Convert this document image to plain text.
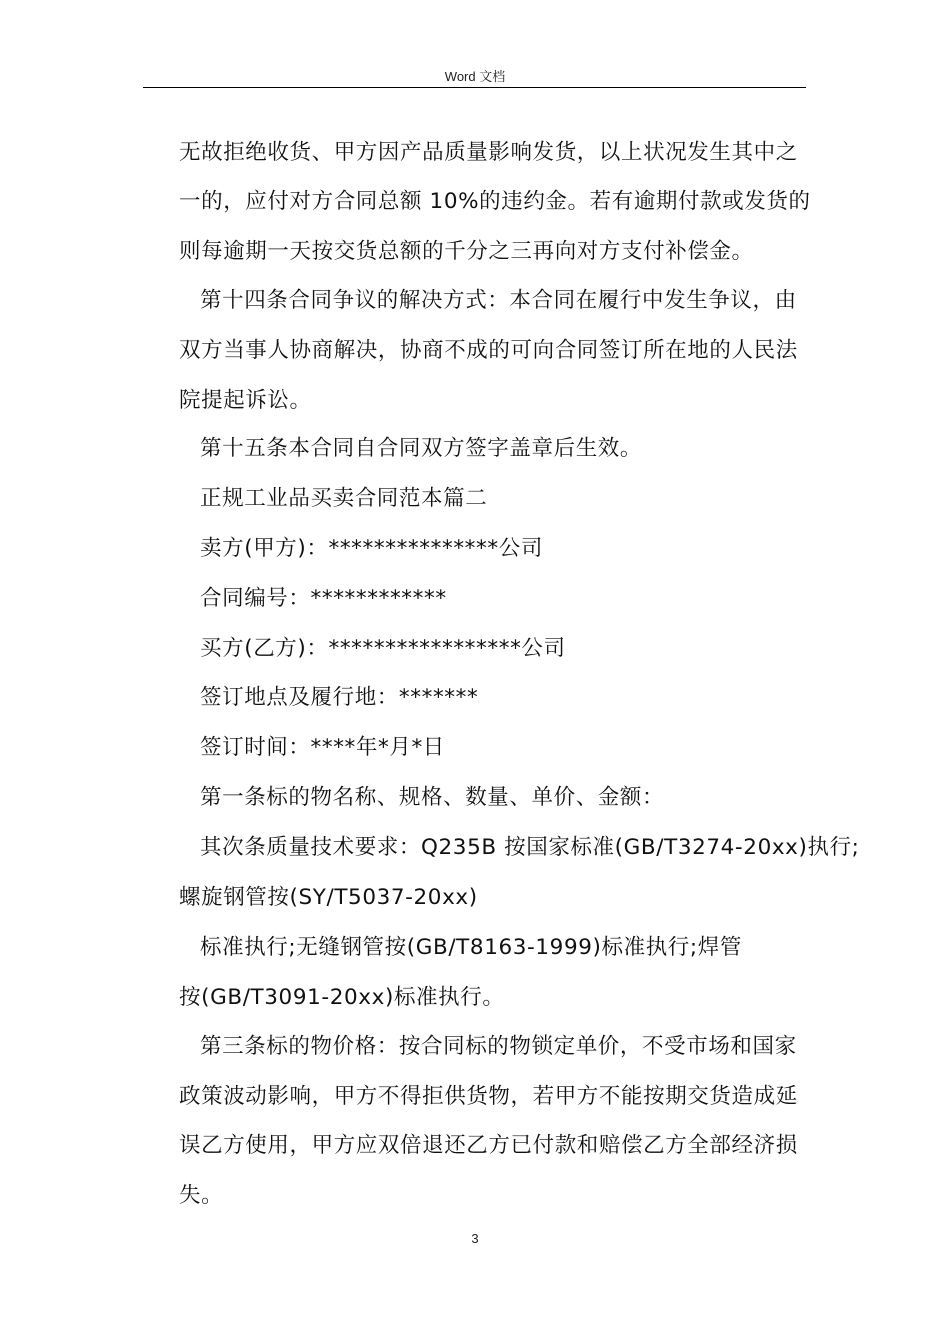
Word 文档
无故拒绝收货、甲方因产品质量影响发货，以上状况发生其中之
一的，应付对方合同总额 10%的违约金。若有逾期付款或发货的
则每逾期一天按交货总额的千分之三再向对方支付补偿金。
第十四条合同争议的解决方式：本合同在履行中发生争议，由
双方当事人协商解决，协商不成的可向合同签订所在地的人民法
院提起诉讼。
第十五条本合同自合同双方签字盖章后生效。
正规工业品买卖合同范本篇二
卖方(甲方)：***************公司
合同编号：************
买方(乙方)：*****************公司
签订地点及履行地：*******
签订时间：****年*月*日
第一条标的物名称、规格、数量、单价、金额：
其次条质量技术要求：Q235B 按国家标准(GB/T3274-20xx)执行;
螺旋钢管按(SY/T5037-20xx)
标准执行;无缝钢管按(GB/T8163-1999)标准执行;焊管
按(GB/T3091-20xx)标准执行。
第三条标的物价格：按合同标的物锁定单价，不受市场和国家
政策波动影响，甲方不得拒供货物，若甲方不能按期交货造成延
误乙方使用，甲方应双倍退还乙方已付款和赔偿乙方全部经济损
失。
3
